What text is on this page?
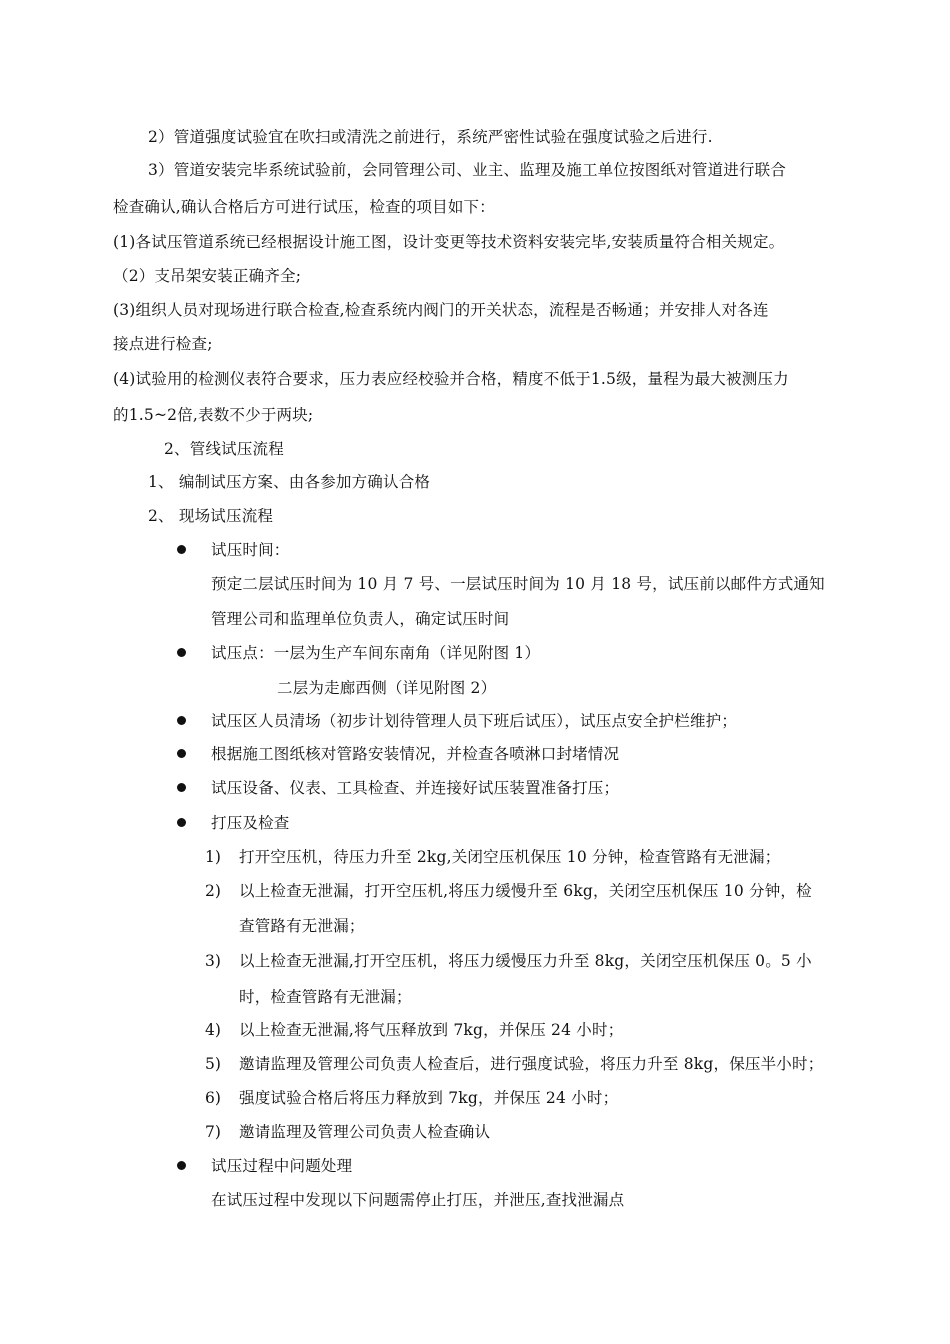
2）管道强度试验宜在吹扫或清洗之前进行，系统严密性试验在强度试验之后进行.
3）管道安装完毕系统试验前，会同管理公司、业主、监理及施工单位按图纸对管道进行联合
检查确认,确认合格后方可进行试压，检查的项目如下：
(1)各试压管道系统已经根据设计施工图，设计变更等技术资料安装完毕,安装质量符合相关规定。
（2）支吊架安装正确齐全;
(3)组织人员对现场进行联合检查,检查系统内阀门的开关状态，流程是否畅通；并安排人对各连
接点进行检查;
(4)试验用的检测仪表符合要求，压力表应经校验并合格，精度不低于1.5级，量程为最大被测压力
的1.5~2倍,表数不少于两块;
2、管线试压流程
1、 编制试压方案、由各参加方确认合格
2、 现场试压流程
试压时间：
预定二层试压时间为 10 月 7 号、一层试压时间为 10 月 18 号，试压前以邮件方式通知
管理公司和监理单位负责人，确定试压时间
试压点：一层为生产车间东南角（详见附图 1）
二层为走廊西侧（详见附图 2）
试压区人员清场（初步计划待管理人员下班后试压），试压点安全护栏维护；
根据施工图纸核对管路安装情况，并检查各喷淋口封堵情况
试压设备、仪表、工具检查、并连接好试压装置准备打压；
打压及检查
1) 打开空压机，待压力升至 2kg,关闭空压机保压 10 分钟，检查管路有无泄漏；
2) 以上检查无泄漏，打开空压机,将压力缓慢升至 6kg，关闭空压机保压 10 分钟，检
查管路有无泄漏；
3) 以上检查无泄漏,打开空压机，将压力缓慢压力升至 8kg，关闭空压机保压 0。5 小
时，检查管路有无泄漏；
4) 以上检查无泄漏,将气压释放到 7kg，并保压 24 小时；
5) 邀请监理及管理公司负责人检查后，进行强度试验，将压力升至 8kg，保压半小时；
6) 强度试验合格后将压力释放到 7kg，并保压 24 小时；
7) 邀请监理及管理公司负责人检查确认
试压过程中问题处理
在试压过程中发现以下问题需停止打压，并泄压,查找泄漏点
